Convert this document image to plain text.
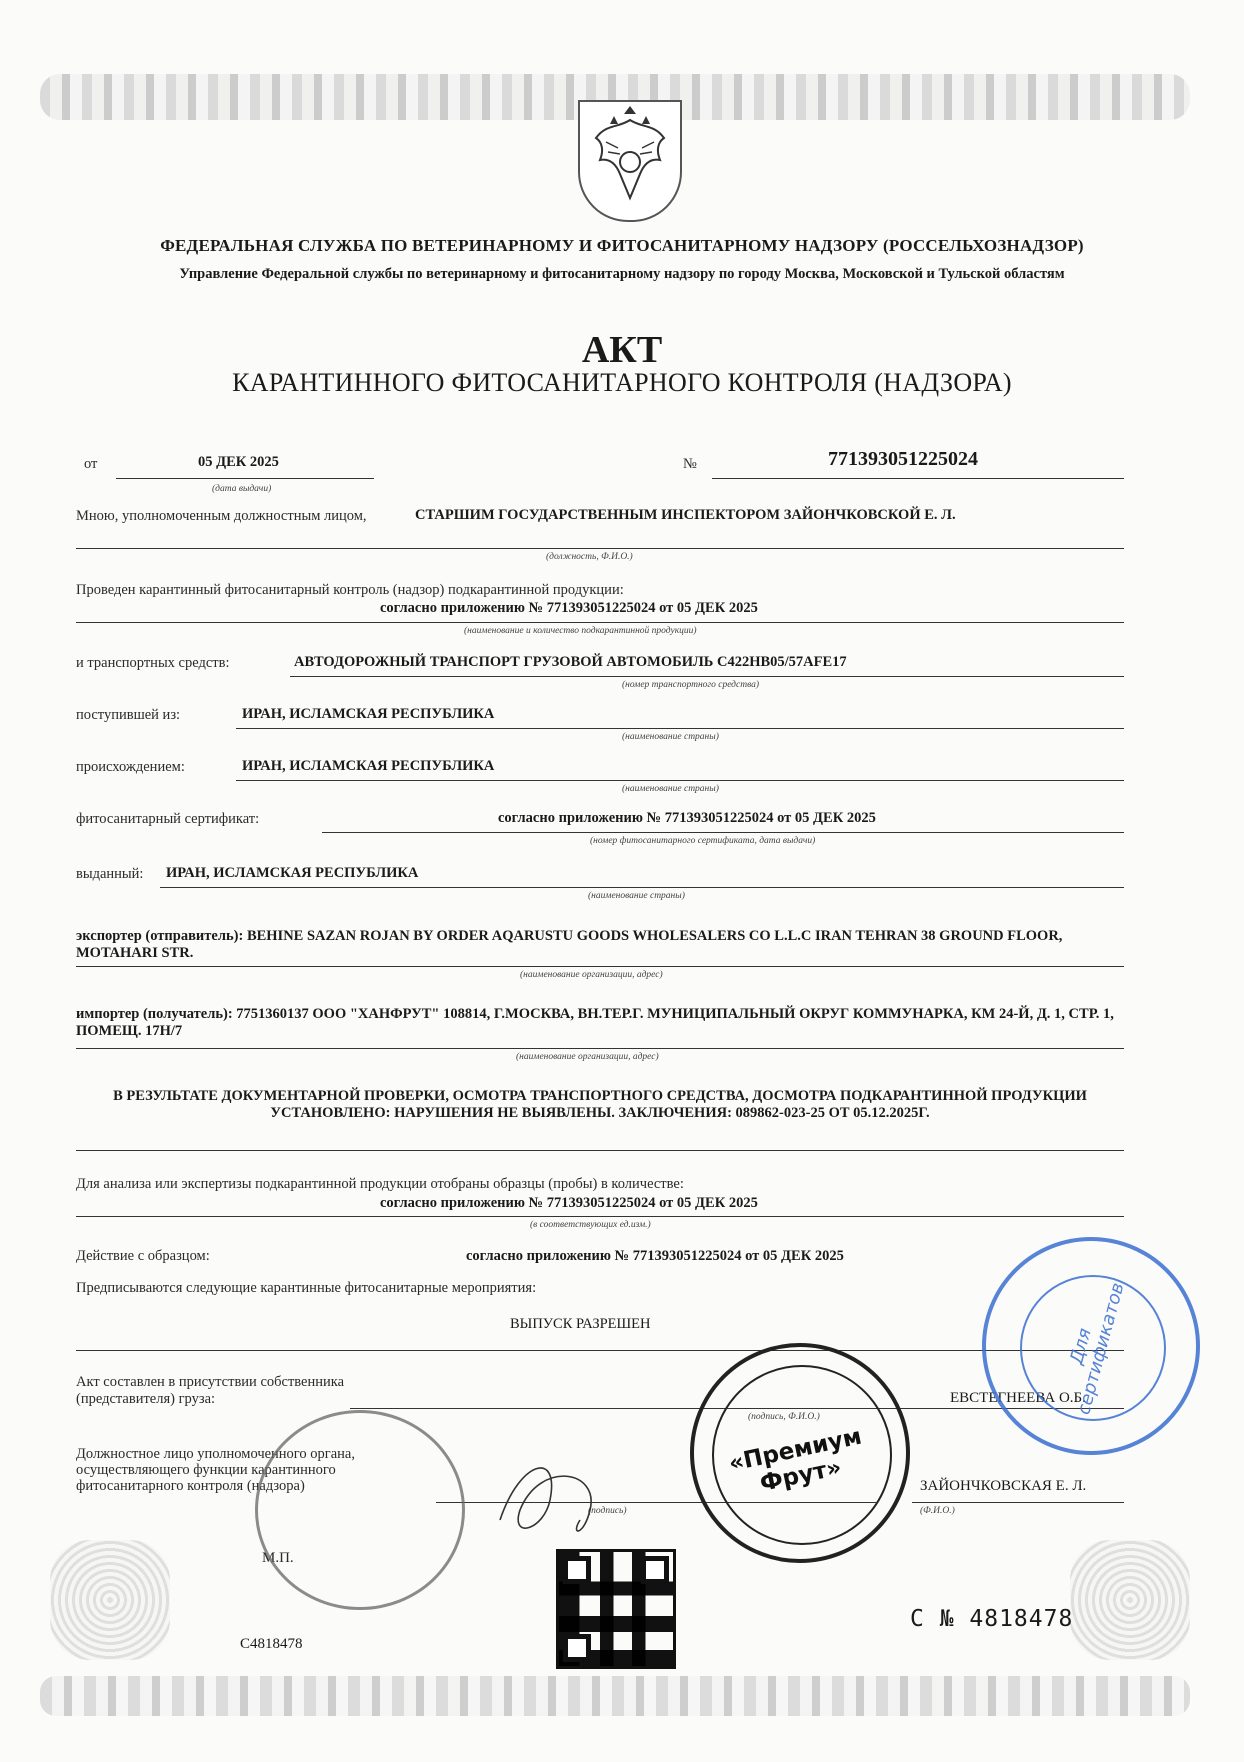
ФЕДЕРАЛЬНАЯ СЛУЖБА ПО ВЕТЕРИНАРНОМУ И ФИТОСАНИТАРНОМУ НАДЗОРУ (РОССЕЛЬХОЗНАДЗОР)
Управление Федеральной службы по ветеринарному и фитосанитарному надзору по городу Москва, Московской и Тульской областям
АКТ
КАРАНТИННОГО ФИТОСАНИТАРНОГО КОНТРОЛЯ (НАДЗОРА)
от	05 ДЕК 2025
(дата выдачи)
№	771393051225024
Мною, уполномоченным должностным лицом,	СТАРШИМ ГОСУДАРСТВЕННЫМ ИНСПЕКТОРОМ ЗАЙОНЧКОВСКОЙ Е. Л.
(должность, Ф.И.О.)
Проведен карантинный фитосанитарный контроль (надзор) подкарантинной продукции:
согласно приложению № 771393051225024 от 05 ДЕК 2025
(наименование и количество подкарантинной продукции)
и транспортных средств:	АВТОДОРОЖНЫЙ ТРАНСПОРТ ГРУЗОВОЙ АВТОМОБИЛЬ С422НВ05/57АFE17
(номер транспортного средства)
поступившей из:	ИРАН, ИСЛАМСКАЯ РЕСПУБЛИКА
(наименование страны)
происхождением:	ИРАН, ИСЛАМСКАЯ РЕСПУБЛИКА
(наименование страны)
фитосанитарный сертификат:	согласно приложению № 771393051225024 от 05 ДЕК 2025
(номер фитосанитарного сертификата, дата выдачи)
выданный: ИРАН, ИСЛАМСКАЯ РЕСПУБЛИКА
(наименование страны)
экспортер (отправитель): BEHINE SAZAN ROJAN BY ORDER AQARUSTU GOODS WHOLESALERS CO L.L.C IRAN TEHRAN 38 GROUND FLOOR, MOTAHARI STR.
(наименование организации, адрес)
импортер (получатель): 7751360137 ООО "ХАНФРУТ" 108814, Г.МОСКВА, ВН.ТЕР.Г. МУНИЦИПАЛЬНЫЙ ОКРУГ КОММУНАРКА, КМ 24-Й, Д. 1, СТР. 1, ПОМЕЩ. 17Н/7
(наименование организации, адрес)
В РЕЗУЛЬТАТЕ ДОКУМЕНТАРНОЙ ПРОВЕРКИ, ОСМОТРА ТРАНСПОРТНОГО СРЕДСТВА, ДОСМОТРА ПОДКАРАНТИННОЙ ПРОДУКЦИИ УСТАНОВЛЕНО: НАРУШЕНИЯ НЕ ВЫЯВЛЕНЫ. ЗАКЛЮЧЕНИЯ: 089862-023-25 ОТ 05.12.2025Г.
Для анализа или экспертизы подкарантинной продукции отобраны образцы (пробы) в количестве:
согласно приложению № 771393051225024 от 05 ДЕК 2025
(в соответствующих ед.изм.)
Действие с образцом:	согласно приложению № 771393051225024 от 05 ДЕК 2025
Предписываются следующие карантинные фитосанитарные мероприятия:
ВЫПУСК РАЗРЕШЕН
Акт составлен в присутствии собственника (представителя) груза:
(подпись, Ф.И.О.)
ЕВСТЕГНЕЕВА О.Б.
Должностное лицо уполномоченного органа, осуществляющего функции карантинного фитосанитарного контроля (надзора)
(подпись)
ЗАЙОНЧКОВСКАЯ Е. Л.
(Ф.И.О.)
М.П.
«Премиум Фрут»
Для сертификатов
С4818478
С № 4818478
